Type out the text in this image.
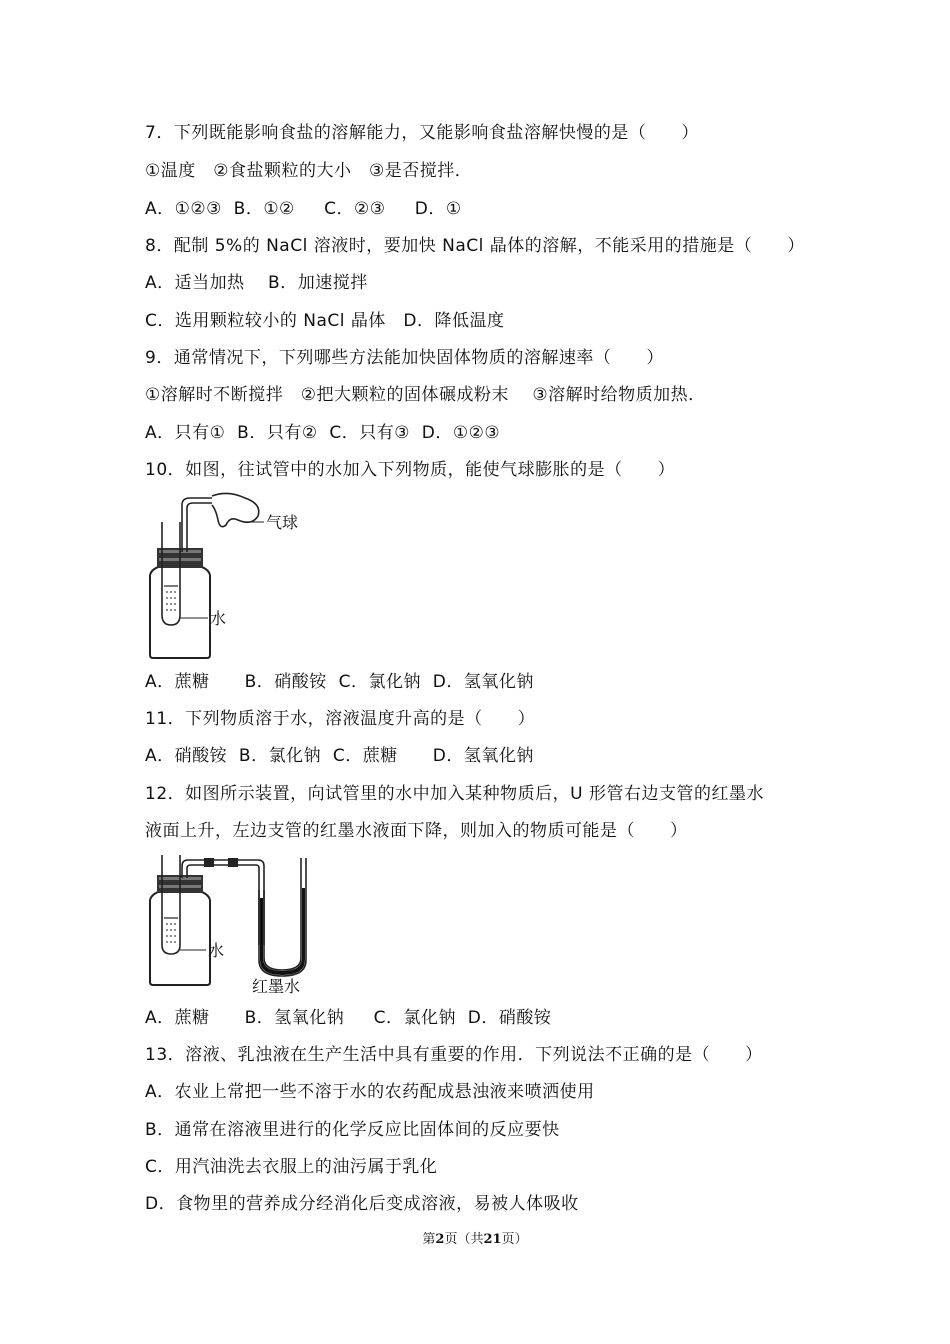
7．下列既能影响食盐的溶解能力，又能影响食盐溶解快慢的是（　　）
①温度　②食盐颗粒的大小　③是否搅拌．
A．①②③  B．①②　  C．②③　  D．①
8．配制 5%的 NaCl 溶液时，要加快 NaCl 晶体的溶解，不能采用的措施是（　　）
A．适当加热　 B．加速搅拌
C．选用颗粒较小的 NaCl 晶体　D．降低温度
9．通常情况下，下列哪些方法能加快固体物质的溶解速率（　　）
①溶解时不断搅拌　②把大颗粒的固体碾成粉末　 ③溶解时给物质加热．
A．只有①  B．只有②  C．只有③  D．①②③
10．如图，往试管中的水加入下列物质，能使气球膨胀的是（　　）
气球
水
A．蔗糖　　B．硝酸铵  C．氯化钠  D．氢氧化钠
11．下列物质溶于水，溶液温度升高的是（　　）
A．硝酸铵  B．氯化钠  C．蔗糖　　D．氢氧化钠
12．如图所示装置，向试管里的水中加入某种物质后，U 形管右边支管的红墨水
液面上升，左边支管的红墨水液面下降，则加入的物质可能是（　　）
水
红墨水
A．蔗糖　　B．氢氧化钠　  C．氯化钠  D．硝酸铵
13．溶液、乳浊液在生产生活中具有重要的作用．下列说法不正确的是（　　）
A．农业上常把一些不溶于水的农药配成悬浊液来喷洒使用
B．通常在溶液里进行的化学反应比固体间的反应要快
C．用汽油洗去衣服上的油污属于乳化
D．食物里的营养成分经消化后变成溶液，易被人体吸收
第2页（共21页）
